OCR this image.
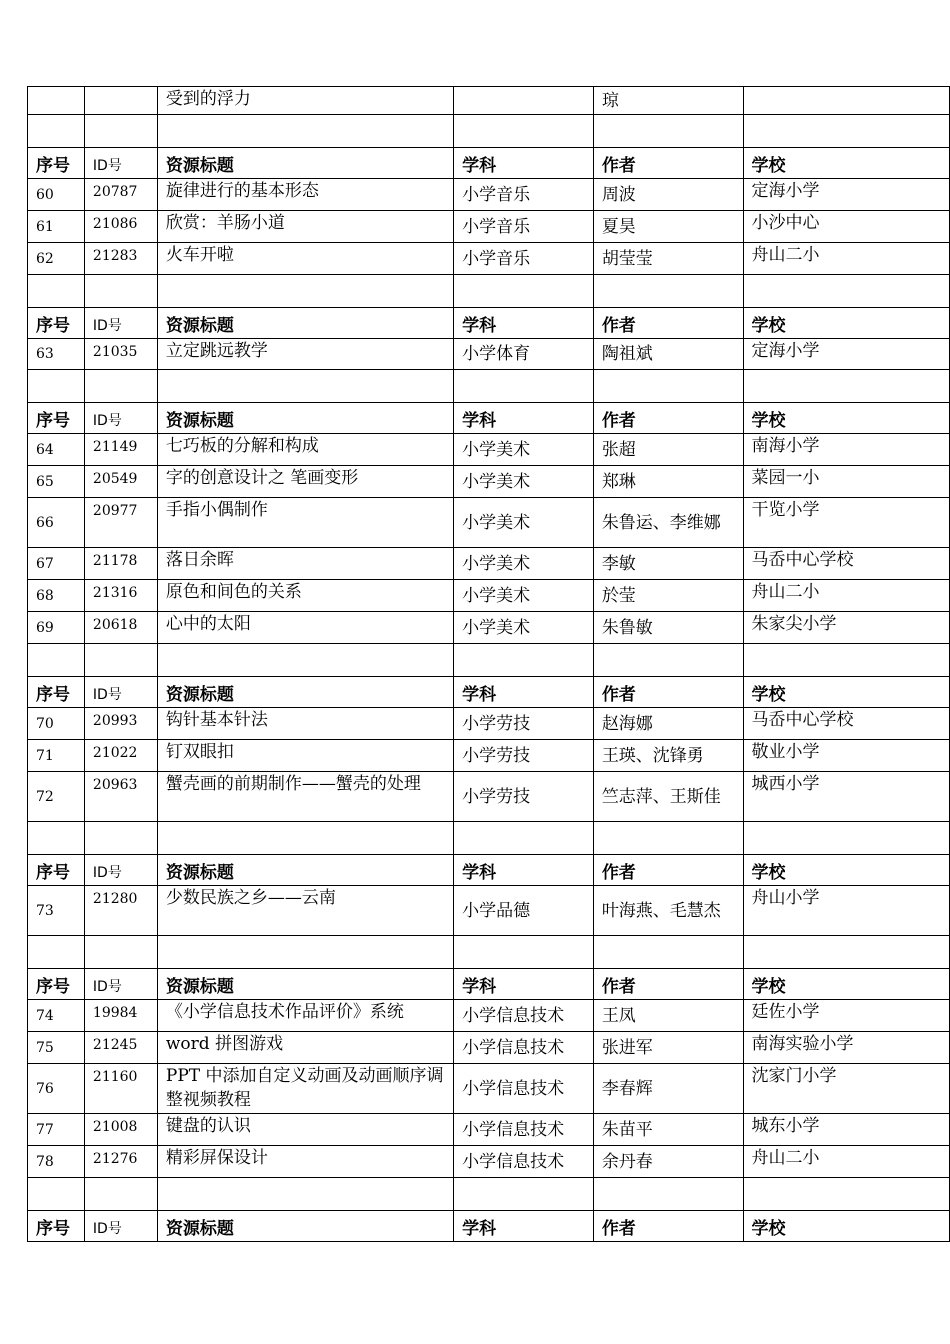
		受到的浮力		琼	

序号	ID号	资源标题	学科	作者	学校
60	20787	旋律进行的基本形态	小学音乐	周波	定海小学
61	21086	欣赏：羊肠小道	小学音乐	夏昊	小沙中心
62	21283	火车开啦	小学音乐	胡莹莹	舟山二小

序号	ID号	资源标题	学科	作者	学校
63	21035	立定跳远教学	小学体育	陶祖斌	定海小学

序号	ID号	资源标题	学科	作者	学校
64	21149	七巧板的分解和构成	小学美术	张超	南海小学
65	20549	字的创意设计之 笔画变形	小学美术	郑琳	菜园一小
66	20977	手指小偶制作	小学美术	朱鲁运、李维娜	干览小学
67	21178	落日余晖	小学美术	李敏	马岙中心学校
68	21316	原色和间色的关系	小学美术	於莹	舟山二小
69	20618	心中的太阳	小学美术	朱鲁敏	朱家尖小学

序号	ID号	资源标题	学科	作者	学校
70	20993	钩针基本针法	小学劳技	赵海娜	马岙中心学校
71	21022	钉双眼扣	小学劳技	王瑛、沈锋勇	敬业小学
72	20963	蟹壳画的前期制作——蟹壳的处理	小学劳技	竺志萍、王斯佳	城西小学

序号	ID号	资源标题	学科	作者	学校
73	21280	少数民族之乡——云南	小学品德	叶海燕、毛慧杰	舟山小学

序号	ID号	资源标题	学科	作者	学校
74	19984	《小学信息技术作品评价》系统	小学信息技术	王凤	廷佐小学
75	21245	word 拼图游戏	小学信息技术	张进军	南海实验小学
76	21160	PPT 中添加自定义动画及动画顺序调整视频教程	小学信息技术	李春辉	沈家门小学
77	21008	键盘的认识	小学信息技术	朱苗平	城东小学
78	21276	精彩屏保设计	小学信息技术	余丹春	舟山二小

序号	ID号	资源标题	学科	作者	学校
